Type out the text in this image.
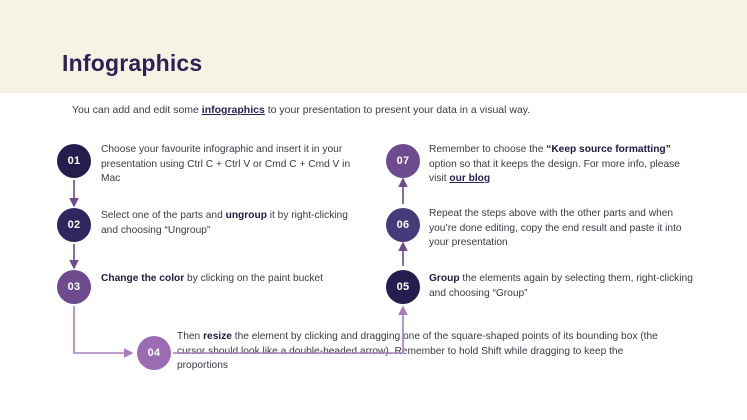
Infographics
You can add and edit some infographics to your presentation to present your data in a visual way.
01
02
03
04
05
06
07
Choose your favourite infographic and insert it in your presentation using Ctrl C + Ctrl V or Cmd C + Cmd V in Mac
Select one of the parts and ungroup it by right-clicking and choosing “Ungroup”
Change the color by clicking on the paint bucket
Then resize the element by clicking and dragging one of the square-shaped points of its bounding box (the cursor should look like a double-headed arrow). Remember to hold Shift while dragging to keep the proportions
Group the elements again by selecting them, right-clicking and choosing “Group”
Repeat the steps above with the other parts and when you’re done editing, copy the end result and paste it into your presentation
Remember to choose the “Keep source formatting” option so that it keeps the design. For more info, please visit our blog
